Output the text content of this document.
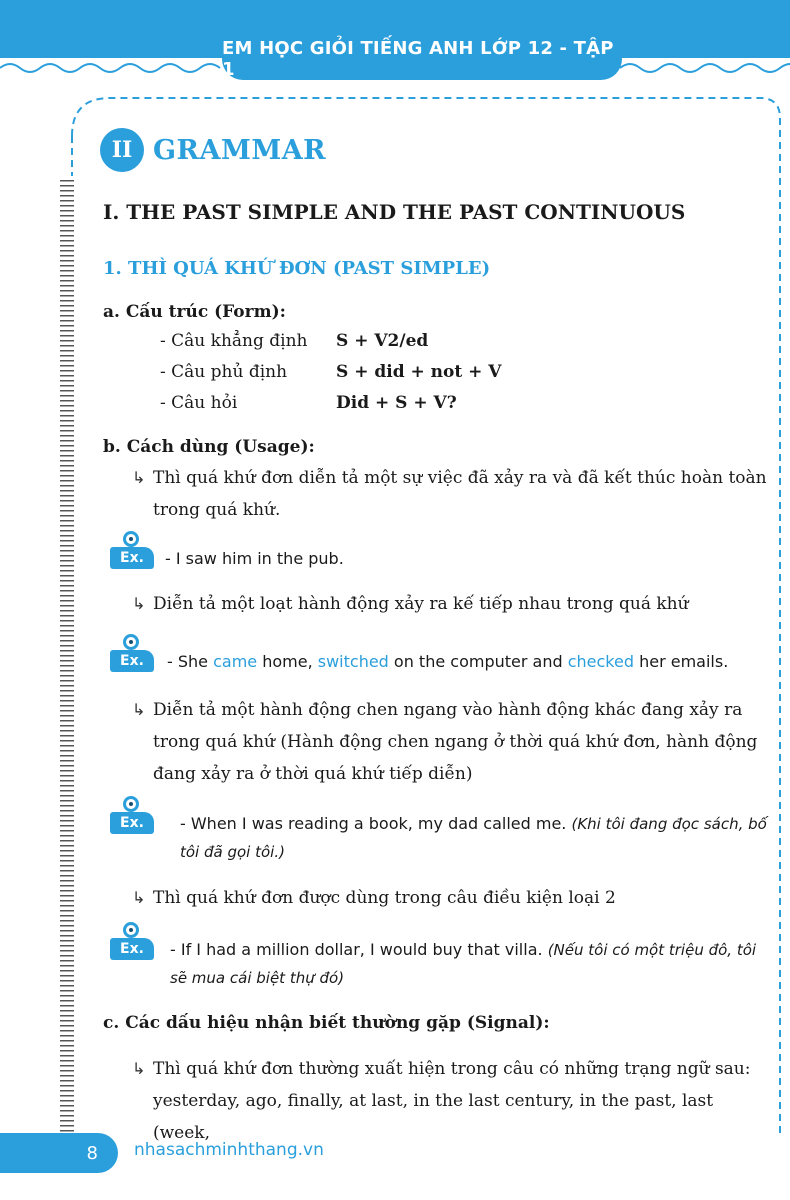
EM HỌC GIỎI TIẾNG ANH LỚP 12 - TẬP 1
II GRAMMAR
I. THE PAST SIMPLE AND THE PAST CONTINUOUS
1. THÌ QUÁ KHỨ ĐƠN (PAST SIMPLE)
a. Cấu trúc (Form):
- Câu khẳng định S + V2/ed
- Câu phủ định	S + did + not + V
- Câu hỏi	Did + S + V?
b. Cách dùng (Usage):
↳ Thì quá khứ đơn diễn tả một sự việc đã xảy ra và đã kết thúc hoàn toàn trong quá khứ.
Ex.	- I saw him in the pub.
↳ Diễn tả một loạt hành động xảy ra kế tiếp nhau trong quá khứ
Ex.	- She came home, switched on the computer and checked her emails.
↳ Diễn tả một hành động chen ngang vào hành động khác đang xảy ra trong quá khứ (Hành động chen ngang ở thời quá khứ đơn, hành động đang xảy ra ở thời quá khứ tiếp diễn)
Ex.	- When I was reading a book, my dad called me. (Khi tôi đang đọc sách, bố tôi đã gọi tôi.)
↳ Thì quá khứ đơn được dùng trong câu điều kiện loại 2
Ex.	- If I had a million dollar, I would buy that villa. (Nếu tôi có một triệu đô, tôi sẽ mua cái biệt thự đó)
c. Các dấu hiệu nhận biết thường gặp (Signal):
↳ Thì quá khứ đơn thường xuất hiện trong câu có những trạng ngữ sau: yesterday, ago, finally, at last, in the last century, in the past, last (week,
8	nhasachminhthang.vn
